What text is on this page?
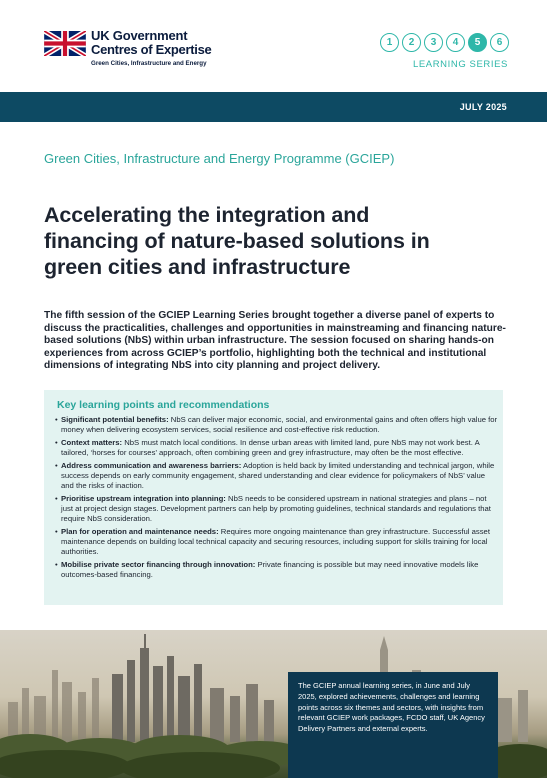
UK Government
Centres of Expertise
Green Cities, Infrastructure and Energy
1	2	3	4	5	6
LEARNING SERIES
JULY 2025
Green Cities, Infrastructure and Energy Programme (GCIEP)
Accelerating the integration and
financing of nature-based solutions in
green cities and infrastructure

The fifth session of the GCIEP Learning Series brought together a diverse panel of experts to discuss the practicalities, challenges and opportunities in mainstreaming and financing nature-based solutions (NbS) within urban infrastructure. The session focused on sharing hands-on experiences from across GCIEP’s portfolio, highlighting both the technical and institutional dimensions of integrating NbS into city planning and project delivery.

Key learning points and recommendations
• Significant potential benefits: NbS can deliver major economic, social, and environmental gains and often offers high value for money when delivering ecosystem services, social resilience and cost-effective risk reduction.
• Context matters: NbS must match local conditions. In dense urban areas with limited land, pure NbS may not work best. A tailored, ‘horses for courses’ approach, often combining green and grey infrastructure, may often be the most effective.
• Address communication and awareness barriers: Adoption is held back by limited understanding and technical jargon, while success depends on early community engagement, shared understanding and clear evidence for policymakers of NbS’ value and the risks of inaction.
• Prioritise upstream integration into planning: NbS needs to be considered upstream in national strategies and plans – not just at project design stages. Development partners can help by promoting guidelines, technical standards and regulations that require NbS consideration.
• Plan for operation and maintenance needs: Requires more ongoing maintenance than grey infrastructure. Successful asset maintenance depends on building local technical capacity and securing resources, including support for skills training for local authorities.
• Mobilise private sector financing through innovation: Private financing is possible but may need innovative models like outcomes-based financing.

The GCIEP annual learning series, in June and July 2025, explored achievements, challenges and learning points across six themes and sectors, with insights from relevant GCIEP work packages, FCDO staff, UK Agency Delivery Partners and external experts.
